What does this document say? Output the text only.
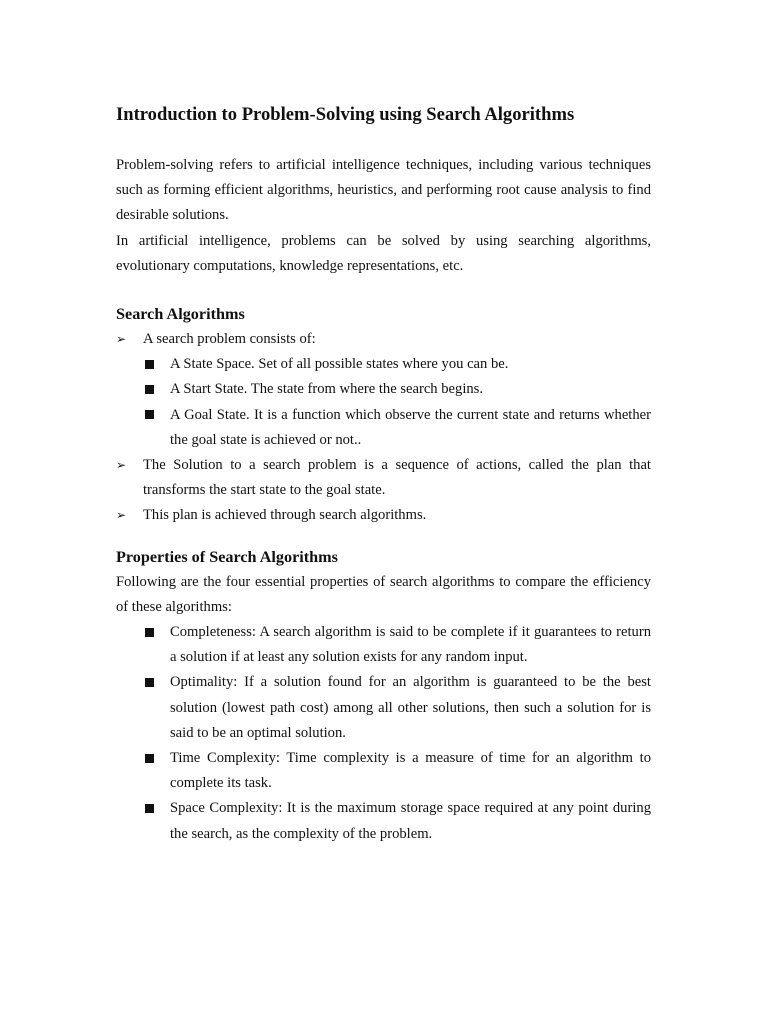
Introduction to Problem-Solving using Search Algorithms

Problem-solving refers to artificial intelligence techniques, including various techniques such as forming efficient algorithms, heuristics, and performing root cause analysis to find desirable solutions.

In artificial intelligence, problems can be solved by using searching algorithms, evolutionary computations, knowledge representations, etc.

Search Algorithms
➢ A search problem consists of:
A State Space. Set of all possible states where you can be.
A Start State. The state from where the search begins.
A Goal State. It is a function which observe the current state and returns whether the goal state is achieved or not..
➢ The Solution to a search problem is a sequence of actions, called the plan that transforms the start state to the goal state.
➢ This plan is achieved through search algorithms.
Properties of Search Algorithms

Following are the four essential properties of search algorithms to compare the efficiency of these algorithms:

Completeness: A search algorithm is said to be complete if it guarantees to return a solution if at least any solution exists for any random input.
Optimality: If a solution found for an algorithm is guaranteed to be the best solution (lowest path cost) among all other solutions, then such a solution for is said to be an optimal solution.
Time Complexity: Time complexity is a measure of time for an algorithm to complete its task.
Space Complexity: It is the maximum storage space required at any point during the search, as the complexity of the problem.
